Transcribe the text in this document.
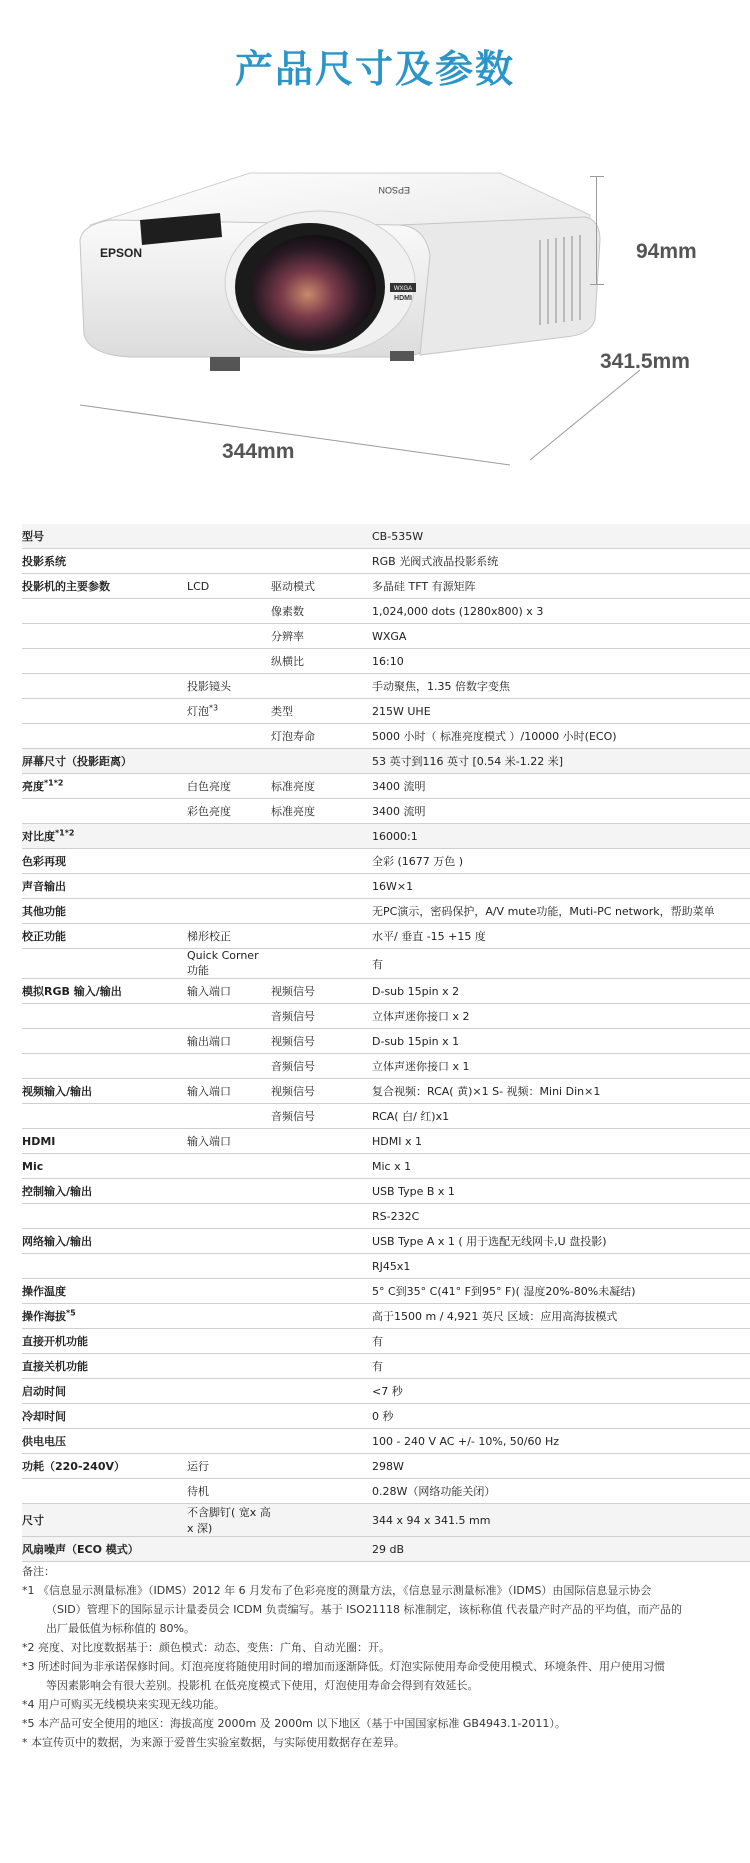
产品尺寸及参数
WXGA
HDMI
EPSON
EPSON
94mm
341.5mm
344mm
型号			CB-535W
投影系统			RGB 光阀式液晶投影系统
投影机的主要参数	LCD	驱动模式	多晶硅 TFT 有源矩阵
		像素数	1,024,000 dots (1280x800) x 3
		分辨率	WXGA
		纵横比	16:10
	投影镜头		手动聚焦，1.35 倍数字变焦
	灯泡$^{*3}$	类型	215W UHE
		灯泡寿命	5000 小时（ 标准亮度模式 ）/10000 小时(ECO)
屏幕尺寸（投影距离）			53 英寸到116 英寸 [0.54 米-1.22 米]
亮度$^{*1*2}$	白色亮度	标准亮度	3400 流明
	彩色亮度	标准亮度	3400 流明
对比度$^{*1*2}$			16000:1
色彩再现			全彩 (1677 万色 )
声音输出			16W×1
其他功能			无PC演示，密码保护，A/V mute功能，Muti-PC network，帮助菜单
校正功能	梯形校正		水平/ 垂直 -15 +15 度
	Quick Corner 功能		有
模拟RGB 输入/输出	输入端口	视频信号	D-sub 15pin x 2
		音频信号	立体声迷你接口 x 2
	输出端口	视频信号	D-sub 15pin x 1
		音频信号	立体声迷你接口 x 1
视频输入/输出	输入端口	视频信号	复合视频：RCA( 黄)×1 S- 视频：Mini Din×1
		音频信号	RCA( 白/ 红)x1
HDMI	输入端口		HDMI x 1
Mic			Mic x 1
控制输入/输出			USB Type B x 1
			RS-232C
网络输入/输出			USB Type A x 1 ( 用于选配无线网卡,U 盘投影)
			RJ45x1
操作温度			5° C到35° C(41° F到95° F)( 湿度20%-80%未凝结)
操作海拔$^{*5}$			高于1500 m / 4,921 英尺 区域：应用高海拔模式
直接开机功能			有
直接关机功能			有
启动时间			<7 秒
冷却时间			0 秒
供电电压			100 - 240 V AC +/- 10%, 50/60 Hz
功耗（220-240V）	运行		298W
	待机		0.28W（网络功能关闭）
尺寸	不含脚钉( 宽x 高x 深)		344 x 94 x 341.5 mm
风扇噪声（ECO 模式）			29 dB

备注：

*1 《信息显示测量标准》（IDMS）2012 年 6 月发布了色彩亮度的测量方法，《信息显示测量标准》（IDMS）由国际信息显示协会

（SID）管理下的国际显示计量委员会 ICDM 负责编写。基于 ISO21118 标准制定，该标称值 代表量产时产品的平均值，而产品的

出厂最低值为标称值的 80%。

*2 亮度、对比度数据基于：颜色模式：动态、变焦：广角、自动光圈：开。

*3 所述时间为非承诺保修时间。灯泡亮度将随使用时间的增加而逐渐降低。灯泡实际使用寿命受使用模式、环境条件、用户使用习惯

等因素影响会有很大差别。投影机 在低亮度模式下使用，灯泡使用寿命会得到有效延长。

*4 用户可购买无线模块来实现无线功能。

*5 本产品可安全使用的地区：海拔高度 2000m 及 2000m 以下地区（基于中国国家标准 GB4943.1-2011）。

* 本宣传页中的数据，为来源于爱普生实验室数据，与实际使用数据存在差异。
